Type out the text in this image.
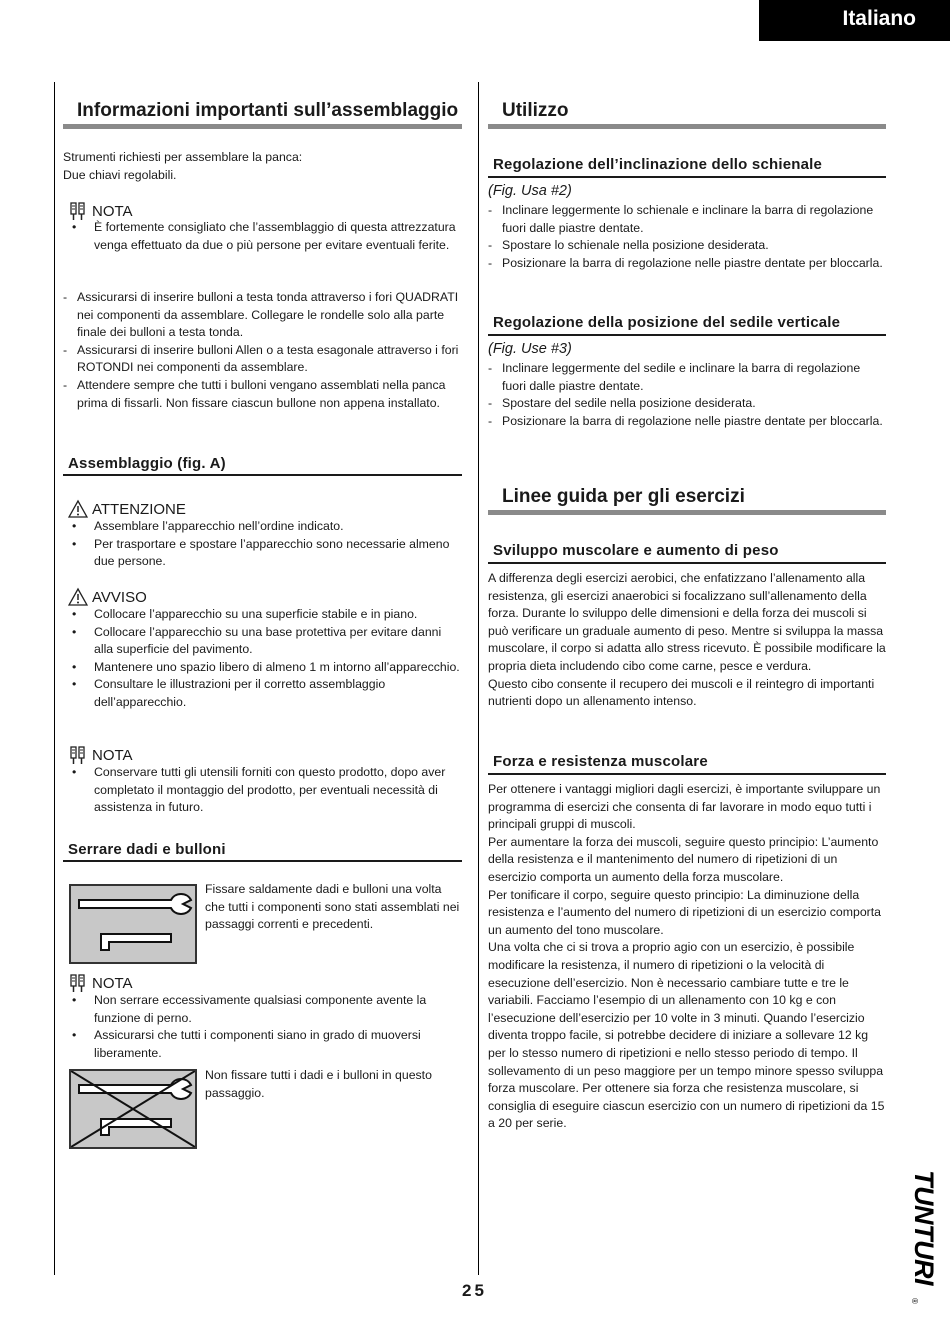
Italiano
Informazioni importanti sull’assemblaggio

Strumenti richiesti per assemblare la panca:

Due chiavi regolabili.

NOTA
• È fortemente consigliato che l’assemblaggio di questa attrezzatura venga effettuato da due o più persone per evitare eventuali ferite.
- Assicurarsi di inserire bulloni a testa tonda attraverso i fori QUADRATI nei componenti da assemblare. Collegare le rondelle solo alla parte finale dei bulloni a testa tonda.
- Assicurarsi di inserire bulloni Allen o a testa esagonale attraverso i fori ROTONDI nei componenti da assemblare.
- Attendere sempre che tutti i bulloni vengano assemblati nella panca prima di fissarli. Non fissare ciascun bullone non appena installato.
Assemblaggio (fig. A)
ATTENZIONE
• Assemblare l’apparecchio nell’ordine indicato.
• Per trasportare e spostare l’apparecchio sono necessarie almeno due persone.
AVVISO
• Collocare l’apparecchio su una superficie stabile e in piano.
• Collocare l’apparecchio su una base protettiva per evitare danni alla superficie del pavimento.
• Mantenere uno spazio libero di almeno 1 m intorno all’apparecchio.
• Consultare le illustrazioni per il corretto assemblaggio dell’apparecchio.
NOTA
• Conservare tutti gli utensili forniti con questo prodotto, dopo aver completato il montaggio del prodotto, per eventuali necessità di assistenza in futuro.
Serrare dadi e bulloni
Fissare saldamente dadi e bulloni una volta che tutti i componenti sono stati assemblati nei passaggi correnti e precedenti.
NOTA
• Non serrare eccessivamente qualsiasi componente avente la funzione di perno.
• Assicurarsi che tutti i componenti siano in grado di muoversi liberamente.
Non fissare tutti i dadi e i bulloni in questo passaggio.
Utilizzo
Regolazione dell’inclinazione dello schienale
(Fig. Usa #2)
- Inclinare leggermente lo schienale e inclinare la barra di regolazione fuori dalle piastre dentate.
- Spostare lo schienale nella posizione desiderata.
- Posizionare la barra di regolazione nelle piastre dentate per bloccarla.
Regolazione della posizione del sedile verticale
(Fig. Use #3)
- Inclinare leggermente del sedile e inclinare la barra di regolazione fuori dalle piastre dentate.
- Spostare del sedile nella posizione desiderata.
- Posizionare la barra di regolazione nelle piastre dentate per bloccarla.
Linee guida per gli esercizi
Sviluppo muscolare e aumento di peso

A differenza degli esercizi aerobici, che enfatizzano l’allenamento alla resistenza, gli esercizi anaerobici si focalizzano sull’allenamento della forza. Durante lo sviluppo delle dimensioni e della forza dei muscoli si può verificare un graduale aumento di peso. Mentre si sviluppa la massa muscolare, il corpo si adatta allo stress ricevuto. È possibile modificare la propria dieta includendo cibo come carne, pesce e verdura.

Questo cibo consente il recupero dei muscoli e il reintegro di importanti nutrienti dopo un allenamento intenso.

Forza e resistenza muscolare

Per ottenere i vantaggi migliori dagli esercizi, è importante sviluppare un programma di esercizi che consenta di far lavorare in modo equo tutti i principali gruppi di muscoli.

Per aumentare la forza dei muscoli, seguire questo principio: L’aumento della resistenza e il mantenimento del numero di ripetizioni di un esercizio comporta un aumento della forza muscolare.

Per tonificare il corpo, seguire questo principio: La diminuzione della resistenza e l’aumento del numero di ripetizioni di un esercizio comporta un aumento del tono muscolare.

Una volta che ci si trova a proprio agio con un esercizio, è possibile modificare la resistenza, il numero di ripetizioni o la velocità di esecuzione dell’esercizio. Non è necessario cambiare tutte e tre le variabili. Facciamo l’esempio di un allenamento con 10 kg e con l’esecuzione dell’esercizio per 10 volte in 3 minuti. Quando l’esercizio diventa troppo facile, si potrebbe decidere di iniziare a sollevare 12 kg per lo stesso numero di ripetizioni e nello stesso periodo di tempo. Il sollevamento di un peso maggiore per un tempo minore spesso sviluppa forza muscolare. Per ottenere sia forza che resistenza muscolare, si consiglia di eseguire ciascun esercizio con un numero di ripetizioni da 15 a 20 per serie.

25
TUNTURI
®
